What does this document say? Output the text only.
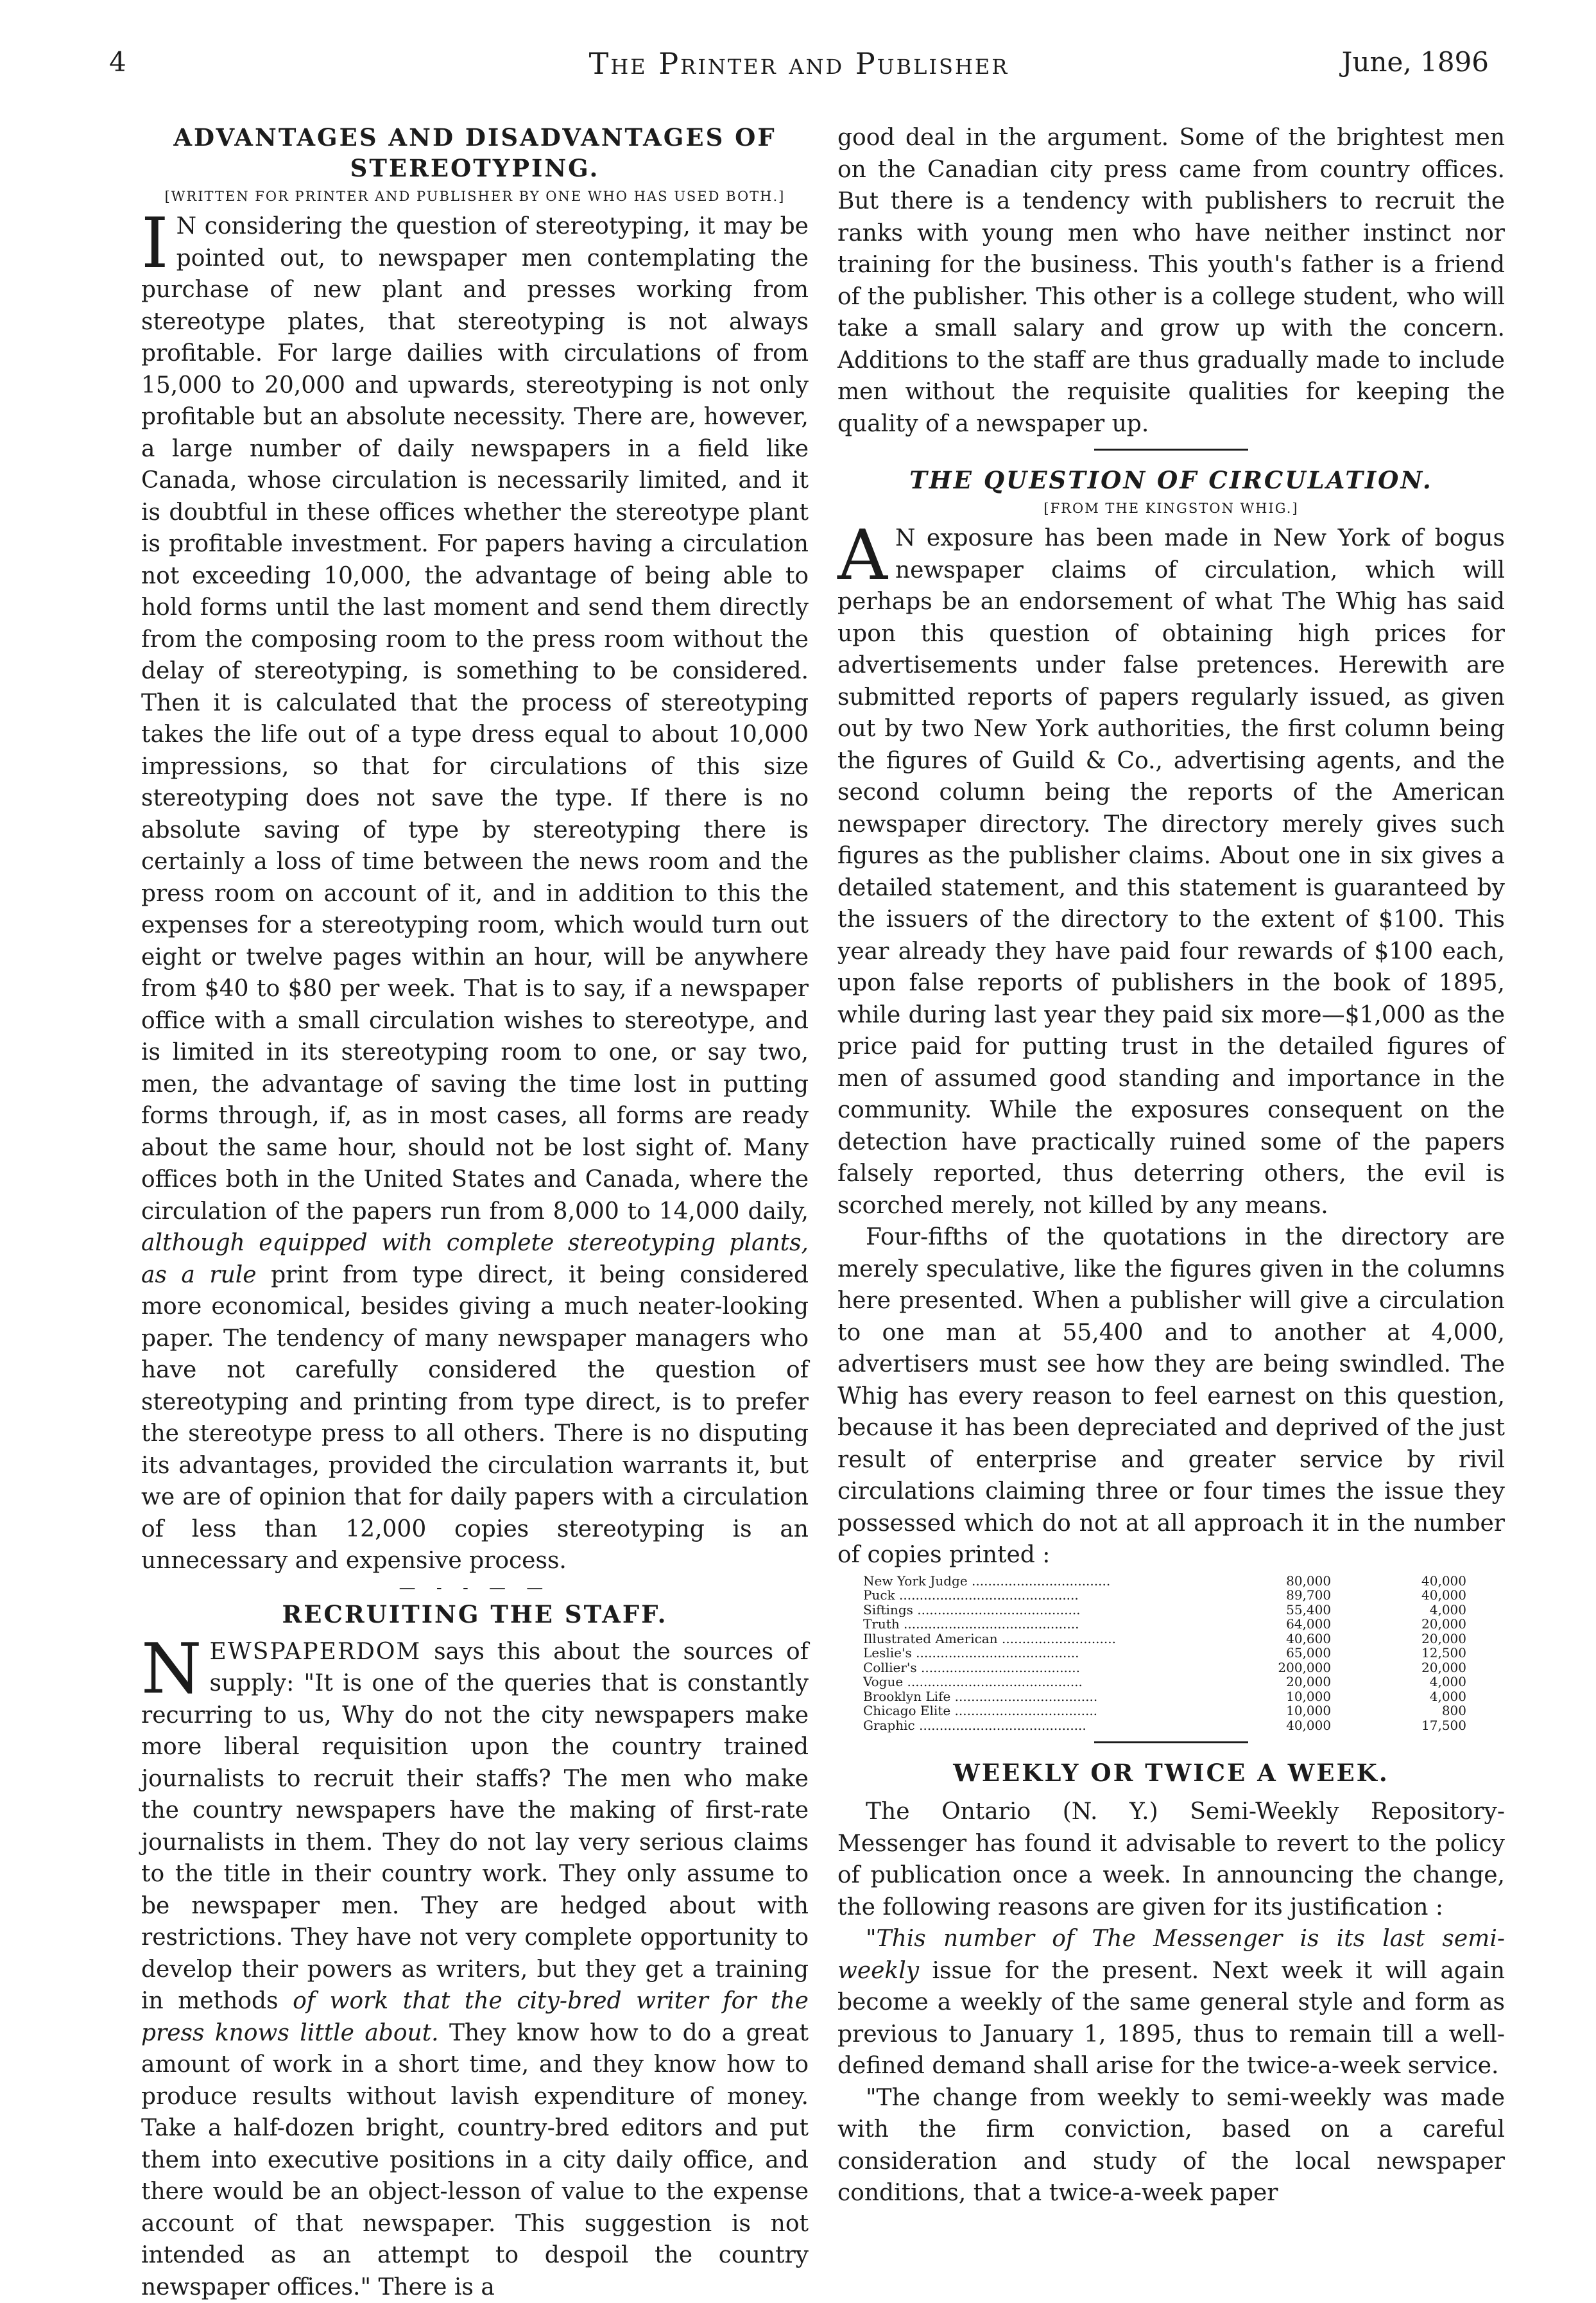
4	The Printer and Publisher	June, 1896
ADVANTAGES AND DISADVANTAGES OF STEREOTYPING.
[WRITTEN FOR PRINTER AND PUBLISHER BY ONE WHO HAS USED BOTH.]

I N considering the question of stereotyping, it may be pointed out, to newspaper men contemplating the purchase of new plant and presses working from stereotype plates, that stereotyping is not always profitable. For large dailies with circulations of from 15,000 to 20,000 and upwards, stereotyping is not only profitable but an absolute necessity. There are, however, a large number of daily newspapers in a field like Canada, whose circulation is necessarily limited, and it is doubtful in these offices whether the stereotype plant is profitable investment. For papers having a circulation not exceeding 10,000, the advantage of being able to hold forms until the last moment and send them directly from the composing room to the press room without the delay of stereotyping, is something to be considered. Then it is calculated that the process of stereotyping takes the life out of a type dress equal to about 10,000 impressions, so that for circulations of this size stereotyping does not save the type. If there is no absolute saving of type by stereotyping there is certainly a loss of time between the news room and the press room on account of it, and in addition to this the expenses for a stereotyping room, which would turn out eight or twelve pages within an hour, will be anywhere from $40 to $80 per week. That is to say, if a newspaper office with a small circulation wishes to stereotype, and is limited in its stereotyping room to one, or say two, men, the advantage of saving the time lost in putting forms through, if, as in most cases, all forms are ready about the same hour, should not be lost sight of. Many offices both in the United States and Canada, where the circulation of the papers run from 8,000 to 14,000 daily, although equipped with complete stereotyping plants, as a rule print from type direct, it being considered more economical, besides giving a much neater-looking paper. The tendency of many newspaper managers who have not carefully considered the question of stereotyping and printing from type direct, is to prefer the stereotype press to all others. There is no disputing its advantages, provided the circulation warrants it, but we are of opinion that for daily papers with a circulation of less than 12,000 copies stereotyping is an unnecessary and expensive process.

— - - — —
RECRUITING THE STAFF.

NEWSPAPERDOM says this about the sources of supply: "It is one of the queries that is constantly recurring to us, Why do not the city newspapers make more liberal requisition upon the country trained journalists to recruit their staffs? The men who make the country newspapers have the making of first-rate journalists in them. They do not lay very serious claims to the title in their country work. They only assume to be newspaper men. They are hedged about with restrictions. They have not very complete opportunity to develop their powers as writers, but they get a training in methods of work that the city-bred writer for the press knows little about. They know how to do a great amount of work in a short time, and they know how to produce results without lavish expenditure of money. Take a half-dozen bright, country-bred editors and put them into executive positions in a city daily office, and there would be an object-lesson of value to the expense account of that newspaper. This suggestion is not intended as an attempt to despoil the country newspaper offices." There is a

good deal in the argument. Some of the brightest men on the Canadian city press came from country offices. But there is a tendency with publishers to recruit the ranks with young men who have neither instinct nor training for the business. This youth's father is a friend of the publisher. This other is a college student, who will take a small salary and grow up with the concern. Additions to the staff are thus gradually made to include men without the requisite qualities for keeping the quality of a newspaper up.

THE QUESTION OF CIRCULATION.
[FROM THE KINGSTON WHIG.]

A N exposure has been made in New York of bogus newspaper claims of circulation, which will perhaps be an endorsement of what The Whig has said upon this question of obtaining high prices for advertisements under false pretences. Herewith are submitted reports of papers regularly issued, as given out by two New York authorities, the first column being the figures of Guild & Co., advertising agents, and the second column being the reports of the American newspaper directory. The directory merely gives such figures as the publisher claims. About one in six gives a detailed statement, and this statement is guaranteed by the issuers of the directory to the extent of $100. This year already they have paid four rewards of $100 each, upon false reports of publishers in the book of 1895, while during last year they paid six more—$1,000 as the price paid for putting trust in the detailed figures of men of assumed good standing and importance in the community. While the exposures consequent on the detection have practically ruined some of the papers falsely reported, thus deterring others, the evil is scorched merely, not killed by any means.

Four-fifths of the quotations in the directory are merely speculative, like the figures given in the columns here presented. When a publisher will give a circulation to one man at 55,400 and to another at 4,000, advertisers must see how they are being swindled. The Whig has every reason to feel earnest on this question, because it has been depreciated and deprived of the just result of enterprise and greater service by rivil circulations claiming three or four times the issue they possessed which do not at all approach it in the number of copies printed :

New York Judge ..................................	80,000	40,000
Puck ............................................	89,700	40,000
Siftings ........................................	55,400	4,000
Truth ...........................................	64,000	20,000
Illustrated American ............................	40,600	20,000
Leslie's ........................................	65,000	12,500
Collier's .......................................	200,000	20,000
Vogue ...........................................	20,000	4,000
Brooklyn Life ...................................	10,000	4,000
Chicago Elite ...................................	10,000	800
Graphic .........................................	40,000	17,500
WEEKLY OR TWICE A WEEK.

The Ontario (N. Y.) Semi-Weekly Repository-Messenger has found it advisable to revert to the policy of publication once a week. In announcing the change, the following reasons are given for its justification :

"This number of The Messenger is its last semi-weekly issue for the present. Next week it will again become a weekly of the same general style and form as previous to January 1, 1895, thus to remain till a well-defined demand shall arise for the twice-a-week service.

"The change from weekly to semi-weekly was made with the firm conviction, based on a careful consideration and study of the local newspaper conditions, that a twice-a-week paper
